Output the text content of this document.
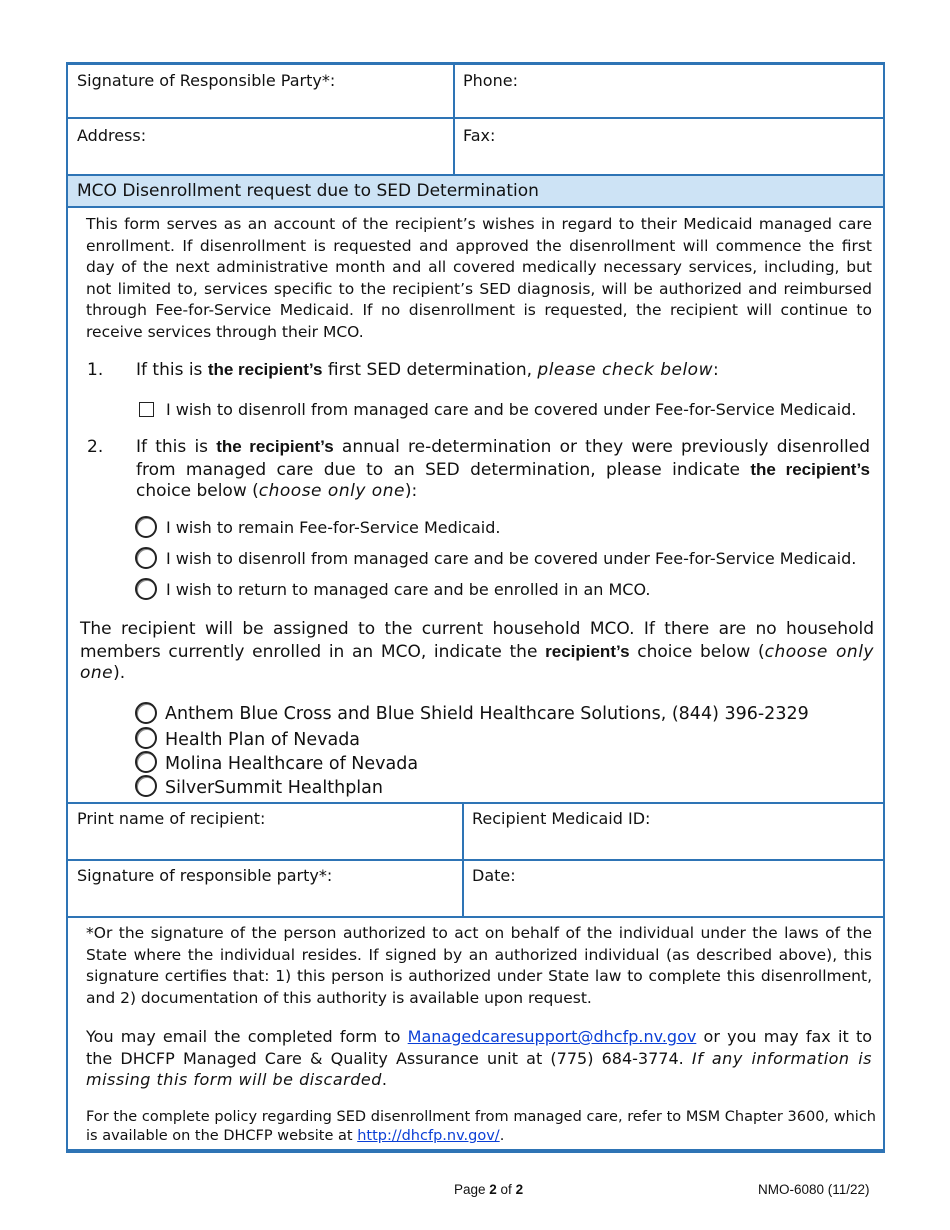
Signature of Responsible Party*:	Phone:
Address:	Fax:
MCO Disenrollment request due to SED Determination

This form serves as an account of the recipient’s wishes in regard to their Medicaid managed care enrollment. If disenrollment is requested and approved the disenrollment will commence the first day of the next administrative month and all covered medically necessary services, including, but not limited to, services specific to the recipient’s SED diagnosis, will be authorized and reimbursed through Fee-for-Service Medicaid. If no disenrollment is requested, the recipient will continue to receive services through their MCO.

1. If this is the recipient’s first SED determination, please check below:
I wish to disenroll from managed care and be covered under Fee-for-Service Medicaid.
2. If this is the recipient’s annual re-determination or they were previously disenrolled from managed care due to an SED determination, please indicate the recipient’s choice below (choose only one):
I wish to remain Fee-for-Service Medicaid.
I wish to disenroll from managed care and be covered under Fee-for-Service Medicaid.
I wish to return to managed care and be enrolled in an MCO.
The recipient will be assigned to the current household MCO. If there are no household members currently enrolled in an MCO, indicate the recipient’s choice below (choose only one).
Anthem Blue Cross and Blue Shield Healthcare Solutions, (844) 396-2329
Health Plan of Nevada
Molina Healthcare of Nevada
SilverSummit Healthplan
Print name of recipient:	Recipient Medicaid ID:
Signature of responsible party*:	Date:

*Or the signature of the person authorized to act on behalf of the individual under the laws of the State where the individual resides. If signed by an authorized individual (as described above), this signature certifies that: 1) this person is authorized under State law to complete this disenrollment, and 2) documentation of this authority is available upon request.

You may email the completed form to Managedcaresupport@dhcfp.nv.gov or you may fax it to the DHCFP Managed Care & Quality Assurance unit at (775) 684-3774. If any information is missing this form will be discarded.
For the complete policy regarding SED disenrollment from managed care, refer to MSM Chapter 3600, which is available on the DHCFP website at http://dhcfp.nv.gov/.
Page 2 of 2	NMO-6080 (11/22)
